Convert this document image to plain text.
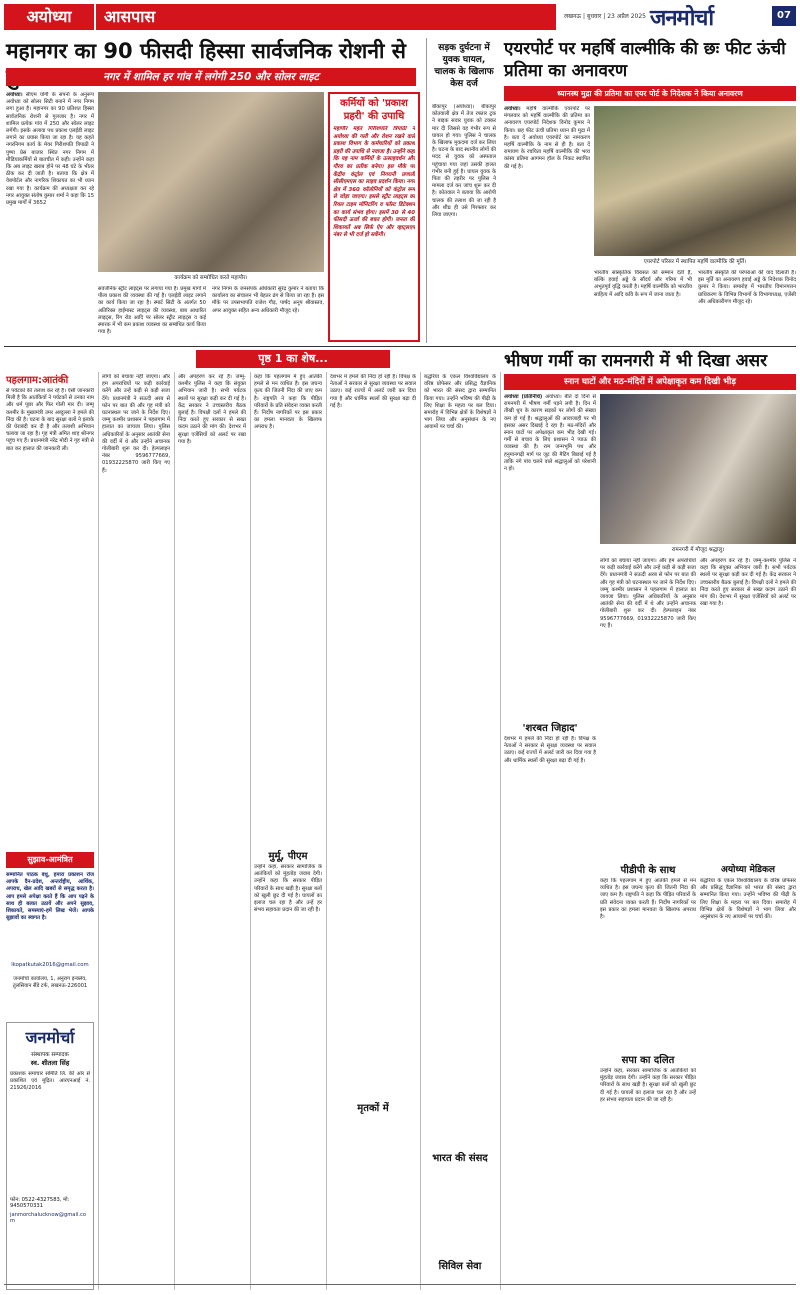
अयोध्या	आसपास	लखनऊ | बुधवार | 23 अप्रैल 2025 जनमोर्चा	07
महानगर का 90 फीसदी हिस्सा सार्वजनिक रोशनी से
नगर में शामिल हर गांव में लगेगी 250 और सोलर लाइट
अयोध्या। सीएम योगी के सपनों के अनुरूप अयोध्या को सोलर सिटी बनाने में नगर निगम लगा हुआ है। महानगर का 90 प्रतिशत हिस्सा सार्वजनिक रोशनी से गुलजार है। नगर में शामिल प्रत्येक गांव में 250 और सोलर लाइट लगेंगी। इसके अलावा पथ प्रकाश एलईडी लाइट लगाने का प्रयास किया जा रहा है। यह कहते नगरनिगम कार्य के मेयर गिरीशपति त्रिपाठी ने पुष्पा प्रेस बाजार स्थित नगर निगम में मीडियाकर्मियों से बातचीत में कही। उन्होंने कहा कि अब लाइट खराब होने पर 48 घंटे के भीतर ठीक कर दी जाती है। बताया कि क्षेत्र में वेबपोर्टल और नागरिक शिकायत का भी ध्यान रखा गया है। कार्यक्रम की अध्यक्षता कर रहे नगर आयुक्त संतोष कुमार शर्मा ने कहा कि 15 प्रमुख मार्गों में 3652
कार्यक्रम को सम्बोधित करते महापौर।
सवर्जनिक स्ट्रीट लाइट्स पर लगाया गया है। प्रमुख मार्गों में पीला प्रकाश की व्यवस्था की गई है। एलईडी लाइट लगाने का कार्य किया जा रहा है। स्मार्ट सिटी के अंतर्गत 50 अतिरिक्त हाईमास्ट लाइट्स की व्यवस्था, बाब आधारित लाइट्स, रिंग रोड आदि पर सोलर स्ट्रीट लाइट्स व कई स्मारक में भी कम प्रकाश व्यवस्था का सम्बंधित कार्य किया गया है।
नगर निगम के जनसंपर्क अधिकारी सुरेंद्र कुमार ने बताया कि कार्यालय का संचालन भी बेहतर ढंग से किया जा रहा है। इस मौके पर उपसभापति राजेश गौड़, पार्षद अनूप श्रीवास्तव, अपर आयुक्त सहित अन्य अधिकारी मौजूद रहे।
कर्मियों को 'प्रकाश प्रहरी' की उपाधि
महापौर महंत गिरीशपति त्रिपाठी ने अयोध्या की गली और रोशन रखने वाले प्रकाश विभाग के कर्मचारियों को प्रकाश प्रहरी की उपाधि से नवाजा है। उन्होंने कहा कि यह नाम कर्मियों के उत्साहवर्धन और गौरव का प्रतीक बनेगा। इस मौके पर केंद्रीय कंट्रोल एवं निगरानी प्रणाली सीसीएमएस का लाइव प्रदर्शन किया। नगर क्षेत्र में 360 कॉलोनियों को कंट्रोल रूम से जोड़ा जाएगा। इससे स्ट्रीट लाइट्स का रियल टाइम मॉनिटरिंग व फॉल्ट डिटेक्शन का कार्य संभव होगा। इसमें 30 से 40 फीसदी ऊर्जा की बचत होगी। जनता की शिकायतें अब सिर्फ ऐप और व्हाट्सएप नंबर से भी दर्ज हो सकेंगी।
सड़क दुर्घटना में युवक घायल, चालक के खिलाफ केस दर्ज
बीकापुर (अयोध्या)। बीकापुर कोतवाली क्षेत्र में तेज रफ्तार ट्रक ने बाइक सवार युवक को टक्कर मार दी जिससे वह गंभीर रूप से घायल हो गया। पुलिस ने चालक के खिलाफ मुकदमा दर्ज कर लिया है। घटना के बाद स्थानीय लोगों की मदद से युवक को अस्पताल पहुंचाया गया जहां उसकी हालत गंभीर बनी हुई है। घायल युवक के पिता की तहरीर पर पुलिस ने मामला दर्ज कर जांच शुरू कर दी है। कोतवाल ने बताया कि आरोपी चालक की तलाश की जा रही है और शीघ्र ही उसे गिरफ्तार कर लिया जाएगा।
एयरपोर्ट पर महर्षि वाल्मीकि की छः फीट ऊंची प्रतिमा का अनावरण
ध्यानस्थ मुद्रा की प्रतिमा का एयर पोर्ट के निदेशक ने किया अनावरण
अयोध्या। महर्षि वाल्मीकि एयरपोर्ट पर मंगलवार को महर्षि वाल्मीकि की प्रतिमा का अनावरण एयरपोर्ट निदेशक विनोद कुमार ने किया। छह फीट ऊंची प्रतिमा ध्यान की मुद्रा में है। बता दें अयोध्या एयरपोर्ट का नामकरण महर्षि वाल्मीकि के नाम से ही है। बता दें रामायण के रचयिता महर्षि वाल्मीकि की भव्य कांस्य प्रतिमा आगमन हॉल के निकट स्थापित की गई है।
एयरपोर्ट परिसर में स्थापित महर्षि वाल्मीकि की मूर्ति।
भारतीय सांस्कृतिक विरासत को सम्मान देती है, बल्कि हवाई अड्डे के सौंदर्य और गरिमा में भी अभूतपूर्व वृद्धि करती है। महर्षि वाल्मीकि को भारतीय साहित्य में आदि कवि के रूप में जाना जाता है।
भारतीय संस्कृति की परंपराओं की याद दिलाती है। इस मूर्ति का अनावरण हवाई अड्डे के निदेशक विनोद कुमार ने किया। समारोह में भारतीय विमानपत्तन प्राधिकरण के विभिन्न विभागों के विभागाध्यक्ष, एजेंसी और अधिकारीगण मौजूद रहे।
पृष्ठ 1 का शेष...
पहलगाम:आतंकी
से पर्यटकों की तलाश कर रहे हैं। ऐसी जानकारी मिली है कि आतंकियों ने पर्यटकों से उनका नाम और धर्म पूछा और फिर गोली मार दी। जम्मू कश्मीर के मुख्यमंत्री उमर अब्दुल्ला ने हमले की निंदा की है। घटना के बाद सुरक्षा बलों ने इलाके की घेराबंदी कर दी है और तलाशी अभियान चलाया जा रहा है। गृह मंत्री अमित शाह श्रीनगर पहुंच गए हैं। प्रधानमंत्री नरेंद्र मोदी ने गृह मंत्री से बात कर हालात की जानकारी ली।
सुझाव-आमंत्रित
सम्मानित पाठक बंधु, हमारा प्रकाशन रोज आपके दैन-प्रदेश, अन्तर्राष्ट्रीय, आर्थिक, अपराध, खेल आदि खबरों से समृद्ध करता है। आप हमसे अपेक्षा करते हैं कि आप पढ़ने के साथ ही बलात उठायें और अपने सुझाव, शिकायतें, समस्याएं-हमें लिख भेजें। आपके सुझावों का स्वागत है।
lkopatkutak2016@gmail.com
जनमोर्चा कार्यालय, 1, अनुराग इन्क्लेव, तुलसियान सैंडे टर्फ, लखनऊ-226001
जनमोर्चा
संस्थापक सम्पादक
स्व. शीतला सिंह
प्रकाशक समाचार समिति लि. की ओर से प्रकाशित एवं मुद्रित। आरएनआई नं. 21926/2016
फोन: 0522-4327583, मो: 9450570331
janmorchalucknow@gmail.com
लोगों को बचाया नहीं जाएगा। और हम अपराधियों पर कड़ी कार्रवाई करेंगे और उन्हें कड़ी से कड़ी सजा देंगे। प्रधानमंत्री ने सऊदी अरब से फोन पर बात की और गृह मंत्री को घटनास्थल पर जाने के निर्देश दिए। जम्मू कश्मीर प्रशासन ने पहलगाम में हालात का जायजा लिया। पुलिस अधिकारियों के अनुसार आतंकी सेना की वर्दी में थे और उन्होंने अचानक गोलीबारी शुरू कर दी। हेल्पलाइन नंबर 9596777669, 01932225870 जारी किए गए हैं।
और अपहरण कर रहे हैं। जम्मू-कश्मीर पुलिस ने कहा कि संयुक्त अभियान जारी है। सभी पर्यटक स्थलों पर सुरक्षा कड़ी कर दी गई है। केंद्र सरकार ने उच्चस्तरीय बैठक बुलाई है। विपक्षी दलों ने हमले की निंदा करते हुए सरकार से सख्त कदम उठाने की मांग की। देशभर में सुरक्षा एजेंसियों को अलर्ट पर रखा गया है।
कहा कि पहलगाम में हुए आतंकी हमले से मन व्यथित है। इस जघन्य कृत्य की जितनी निंदा की जाए कम है। राष्ट्रपति ने कहा कि पीड़ित परिवारों के प्रति संवेदना व्यक्त करती हैं। निर्दोष नागरिकों पर इस प्रकार का हमला मानवता के खिलाफ अपराध है।
मुर्मू, पीएम
उन्होंने कहा, सरकार सामाजिक के आतंकियों को मुंहतोड़ जवाब देगी। उन्होंने कहा कि सरकार पीड़ित परिवारों के साथ खड़ी है। सुरक्षा बलों को खुली छूट दी गई है। घायलों का इलाज चल रहा है और उन्हें हर संभव सहायता प्रदान की जा रही है।
देशभर में हमले की निंदा हो रही है। विपक्ष के नेताओं ने सरकार से सुरक्षा व्यवस्था पर सवाल उठाए। कई राज्यों में अलर्ट जारी कर दिया गया है और धार्मिक स्थलों की सुरक्षा बढ़ा दी गई है।
मृतकों में
बद्धरिया के एकल विश्वविद्यालय के वरिष्ठ प्रोफेसर और प्रसिद्ध वैज्ञानिक को भारत की संसद द्वारा सम्मानित किया गया। उन्होंने भविष्य की पीढ़ी के लिए शिक्षा के महत्व पर बल दिया। समारोह में विभिन्न क्षेत्रों के विशेषज्ञों ने भाग लिया और अनुसंधान के नए आयामों पर चर्चा की।
भारत की संसद
सिविल सेवा
भीषण गर्मी का रामनगरी में भी दिखा असर
स्नान घाटों और मठ-मंदिरों में अपेक्षाकृत कम दिखी भीड़
अयोध्या (प्रतिनिधि) अयोध्या। बीते दो दिनों से रामनगरी में भीषण गर्मी पड़ने लगी है। दिन में तीखी धूप के कारण सड़कों पर लोगों की संख्या कम हो गई है। श्रद्धालुओं की आवाजाही पर भी इसका असर दिखाई दे रहा है। मठ-मंदिरों और स्नान घाटों पर अपेक्षाकृत कम भीड़ देखी गई। गर्मी से बचाव के लिए प्रशासन ने प्याऊ की व्यवस्था की है। राम जन्मभूमि पथ और हनुमानगढ़ी मार्ग पर जूट की मैटिंग बिछाई गई है ताकि नंगे पांव चलने वाले श्रद्धालुओं को परेशानी न हो।
रामनगरी में मौजूद श्रद्धालु।
लोगों को बचाया नहीं जाएगा। और हम अपराधियों पर कड़ी कार्रवाई करेंगे और उन्हें कड़ी से कड़ी सजा देंगे। प्रधानमंत्री ने सऊदी अरब से फोन पर बात की और गृह मंत्री को घटनास्थल पर जाने के निर्देश दिए। जम्मू कश्मीर प्रशासन ने पहलगाम में हालात का जायजा लिया। पुलिस अधिकारियों के अनुसार आतंकी सेना की वर्दी में थे और उन्होंने अचानक गोलीबारी शुरू कर दी। हेल्पलाइन नंबर 9596777669, 01932225870 जारी किए गए हैं।
और अपहरण कर रहे हैं। जम्मू-कश्मीर पुलिस ने कहा कि संयुक्त अभियान जारी है। सभी पर्यटक स्थलों पर सुरक्षा कड़ी कर दी गई है। केंद्र सरकार ने उच्चस्तरीय बैठक बुलाई है। विपक्षी दलों ने हमले की निंदा करते हुए सरकार से सख्त कदम उठाने की मांग की। देशभर में सुरक्षा एजेंसियों को अलर्ट पर रखा गया है।
पीडीपी के साथ
कहा कि पहलगाम में हुए आतंकी हमले से मन व्यथित है। इस जघन्य कृत्य की जितनी निंदा की जाए कम है। राष्ट्रपति ने कहा कि पीड़ित परिवारों के प्रति संवेदना व्यक्त करती हैं। निर्दोष नागरिकों पर इस प्रकार का हमला मानवता के खिलाफ अपराध है।
सपा का दलित
उन्होंने कहा, सरकार सामाजिक के आतंकियों को मुंहतोड़ जवाब देगी। उन्होंने कहा कि सरकार पीड़ित परिवारों के साथ खड़ी है। सुरक्षा बलों को खुली छूट दी गई है। घायलों का इलाज चल रहा है और उन्हें हर संभव सहायता प्रदान की जा रही है।
'शरबत जिहाद'
देशभर में हमले की निंदा हो रही है। विपक्ष के नेताओं ने सरकार से सुरक्षा व्यवस्था पर सवाल उठाए। कई राज्यों में अलर्ट जारी कर दिया गया है और धार्मिक स्थलों की सुरक्षा बढ़ा दी गई है।
अयोध्या मेडिकल
बद्धरिया के एकल विश्वविद्यालय के वरिष्ठ प्रोफेसर और प्रसिद्ध वैज्ञानिक को भारत की संसद द्वारा सम्मानित किया गया। उन्होंने भविष्य की पीढ़ी के लिए शिक्षा के महत्व पर बल दिया। समारोह में विभिन्न क्षेत्रों के विशेषज्ञों ने भाग लिया और अनुसंधान के नए आयामों पर चर्चा की।
